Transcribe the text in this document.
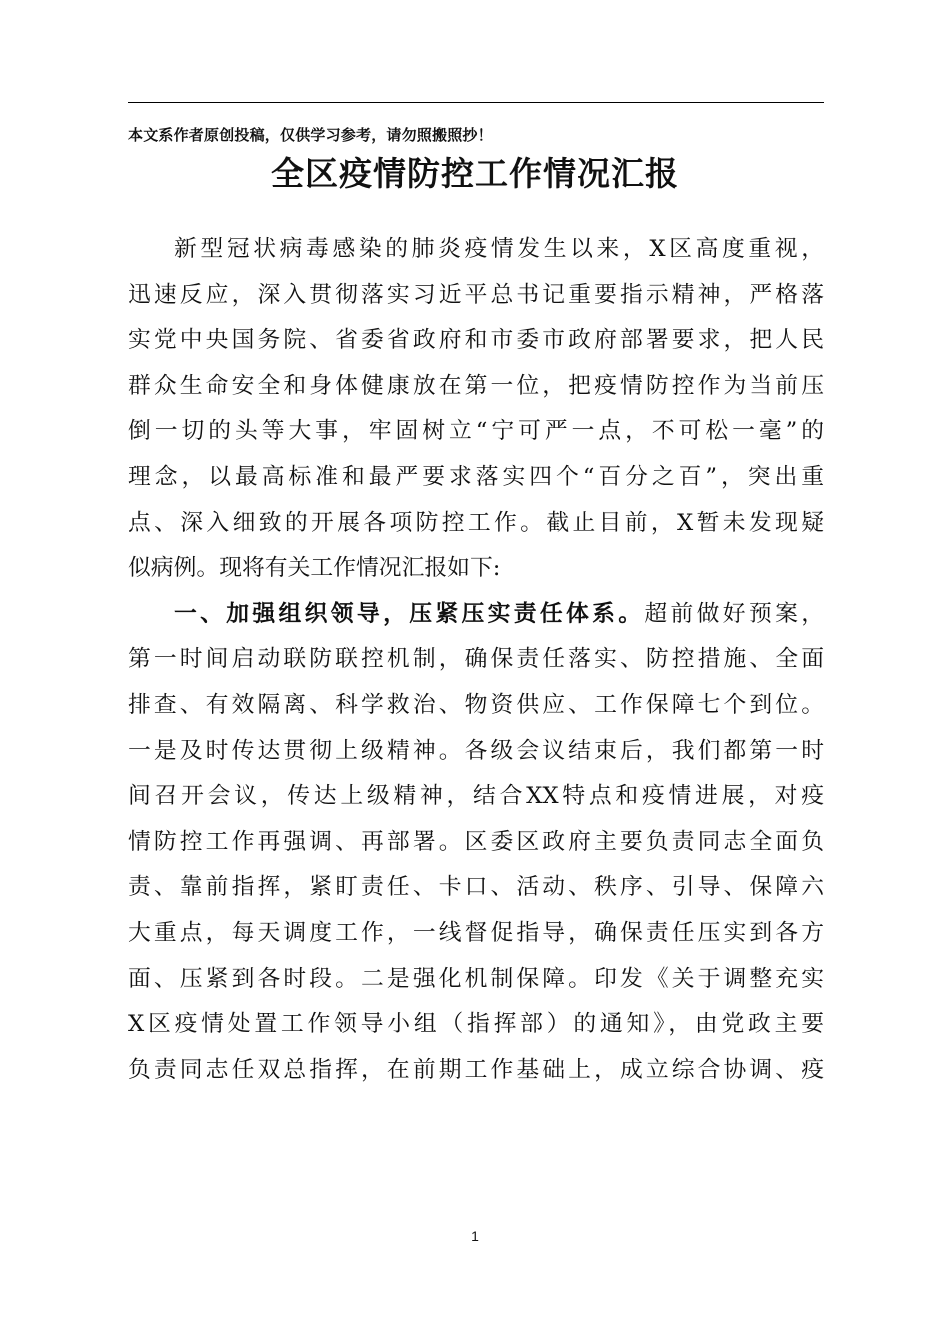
本文系作者原创投稿，仅供学习参考，请勿照搬照抄！
全区疫情防控工作情况汇报
新型冠状病毒感染的肺炎疫情发生以来，X区高度重视，
迅速反应，深入贯彻落实习近平总书记重要指示精神，严格落
实党中央国务院、省委省政府和市委市政府部署要求，把人民
群众生命安全和身体健康放在第一位，把疫情防控作为当前压
倒一切的头等大事，牢固树立“宁可严一点，不可松一毫”的
理念，以最高标准和最严要求落实四个“百分之百”，突出重
点、深入细致的开展各项防控工作。截止目前，X暂未发现疑
似病例。现将有关工作情况汇报如下:
一、加强组织领导，压紧压实责任体系。超前做好预案，
第一时间启动联防联控机制，确保责任落实、防控措施、全面
排查、有效隔离、科学救治、物资供应、工作保障七个到位。
一是及时传达贯彻上级精神。各级会议结束后，我们都第一时
间召开会议，传达上级精神，结合XX特点和疫情进展，对疫
情防控工作再强调、再部署。区委区政府主要负责同志全面负
责、靠前指挥，紧盯责任、卡口、活动、秩序、引导、保障六
大重点，每天调度工作，一线督促指导，确保责任压实到各方
面、压紧到各时段。二是强化机制保障。印发《关于调整充实
X区疫情处置工作领导小组（指挥部）的通知》，由党政主要
负责同志任双总指挥，在前期工作基础上，成立综合协调、疫
1
